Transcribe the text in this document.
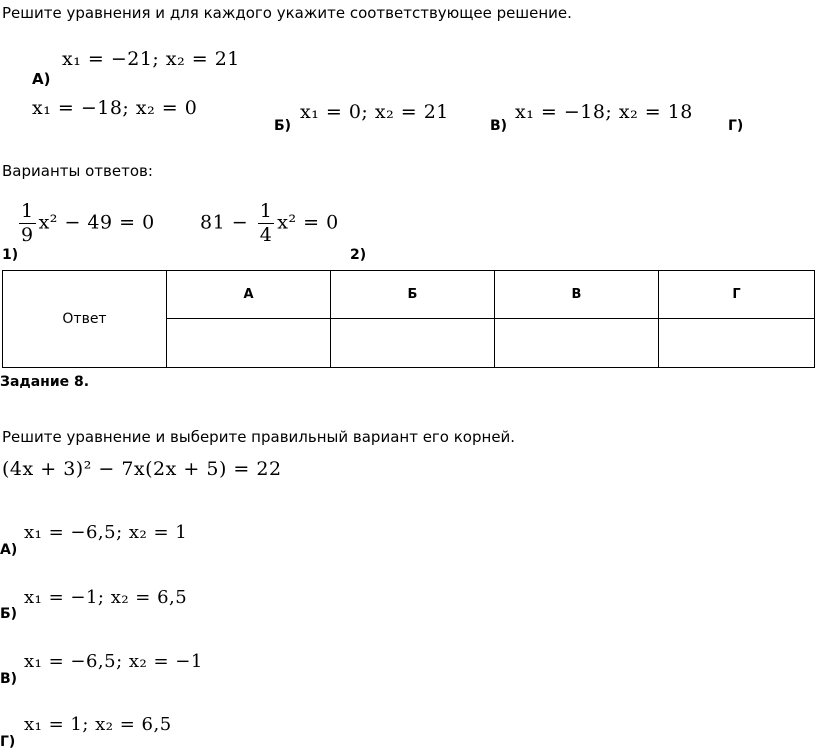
Решите уравнения и для каждого укажите соответствующее решение.
x₁ = −21; x₂ = 21
А)
x₁ = −18; x₂ = 0
Б)
x₁ = 0; x₂ = 21
В)
x₁ = −18; x₂ = 18
Г)
Варианты ответов:
$\frac{1}{9} x^2 - 49 = 0$
1)
$81 - \frac{1}{4} x^2 = 0$
2)
Ответ	А	Б	В	Г

Задание 8.
Решите уравнение и выберите правильный вариант его корней.
(4x + 3)² − 7x(2x + 5) = 22
x₁ = −6,5; x₂ = 1
А)
x₁ = −1; x₂ = 6,5
Б)
x₁ = −6,5; x₂ = −1
В)
x₁ = 1; x₂ = 6,5
Г)
